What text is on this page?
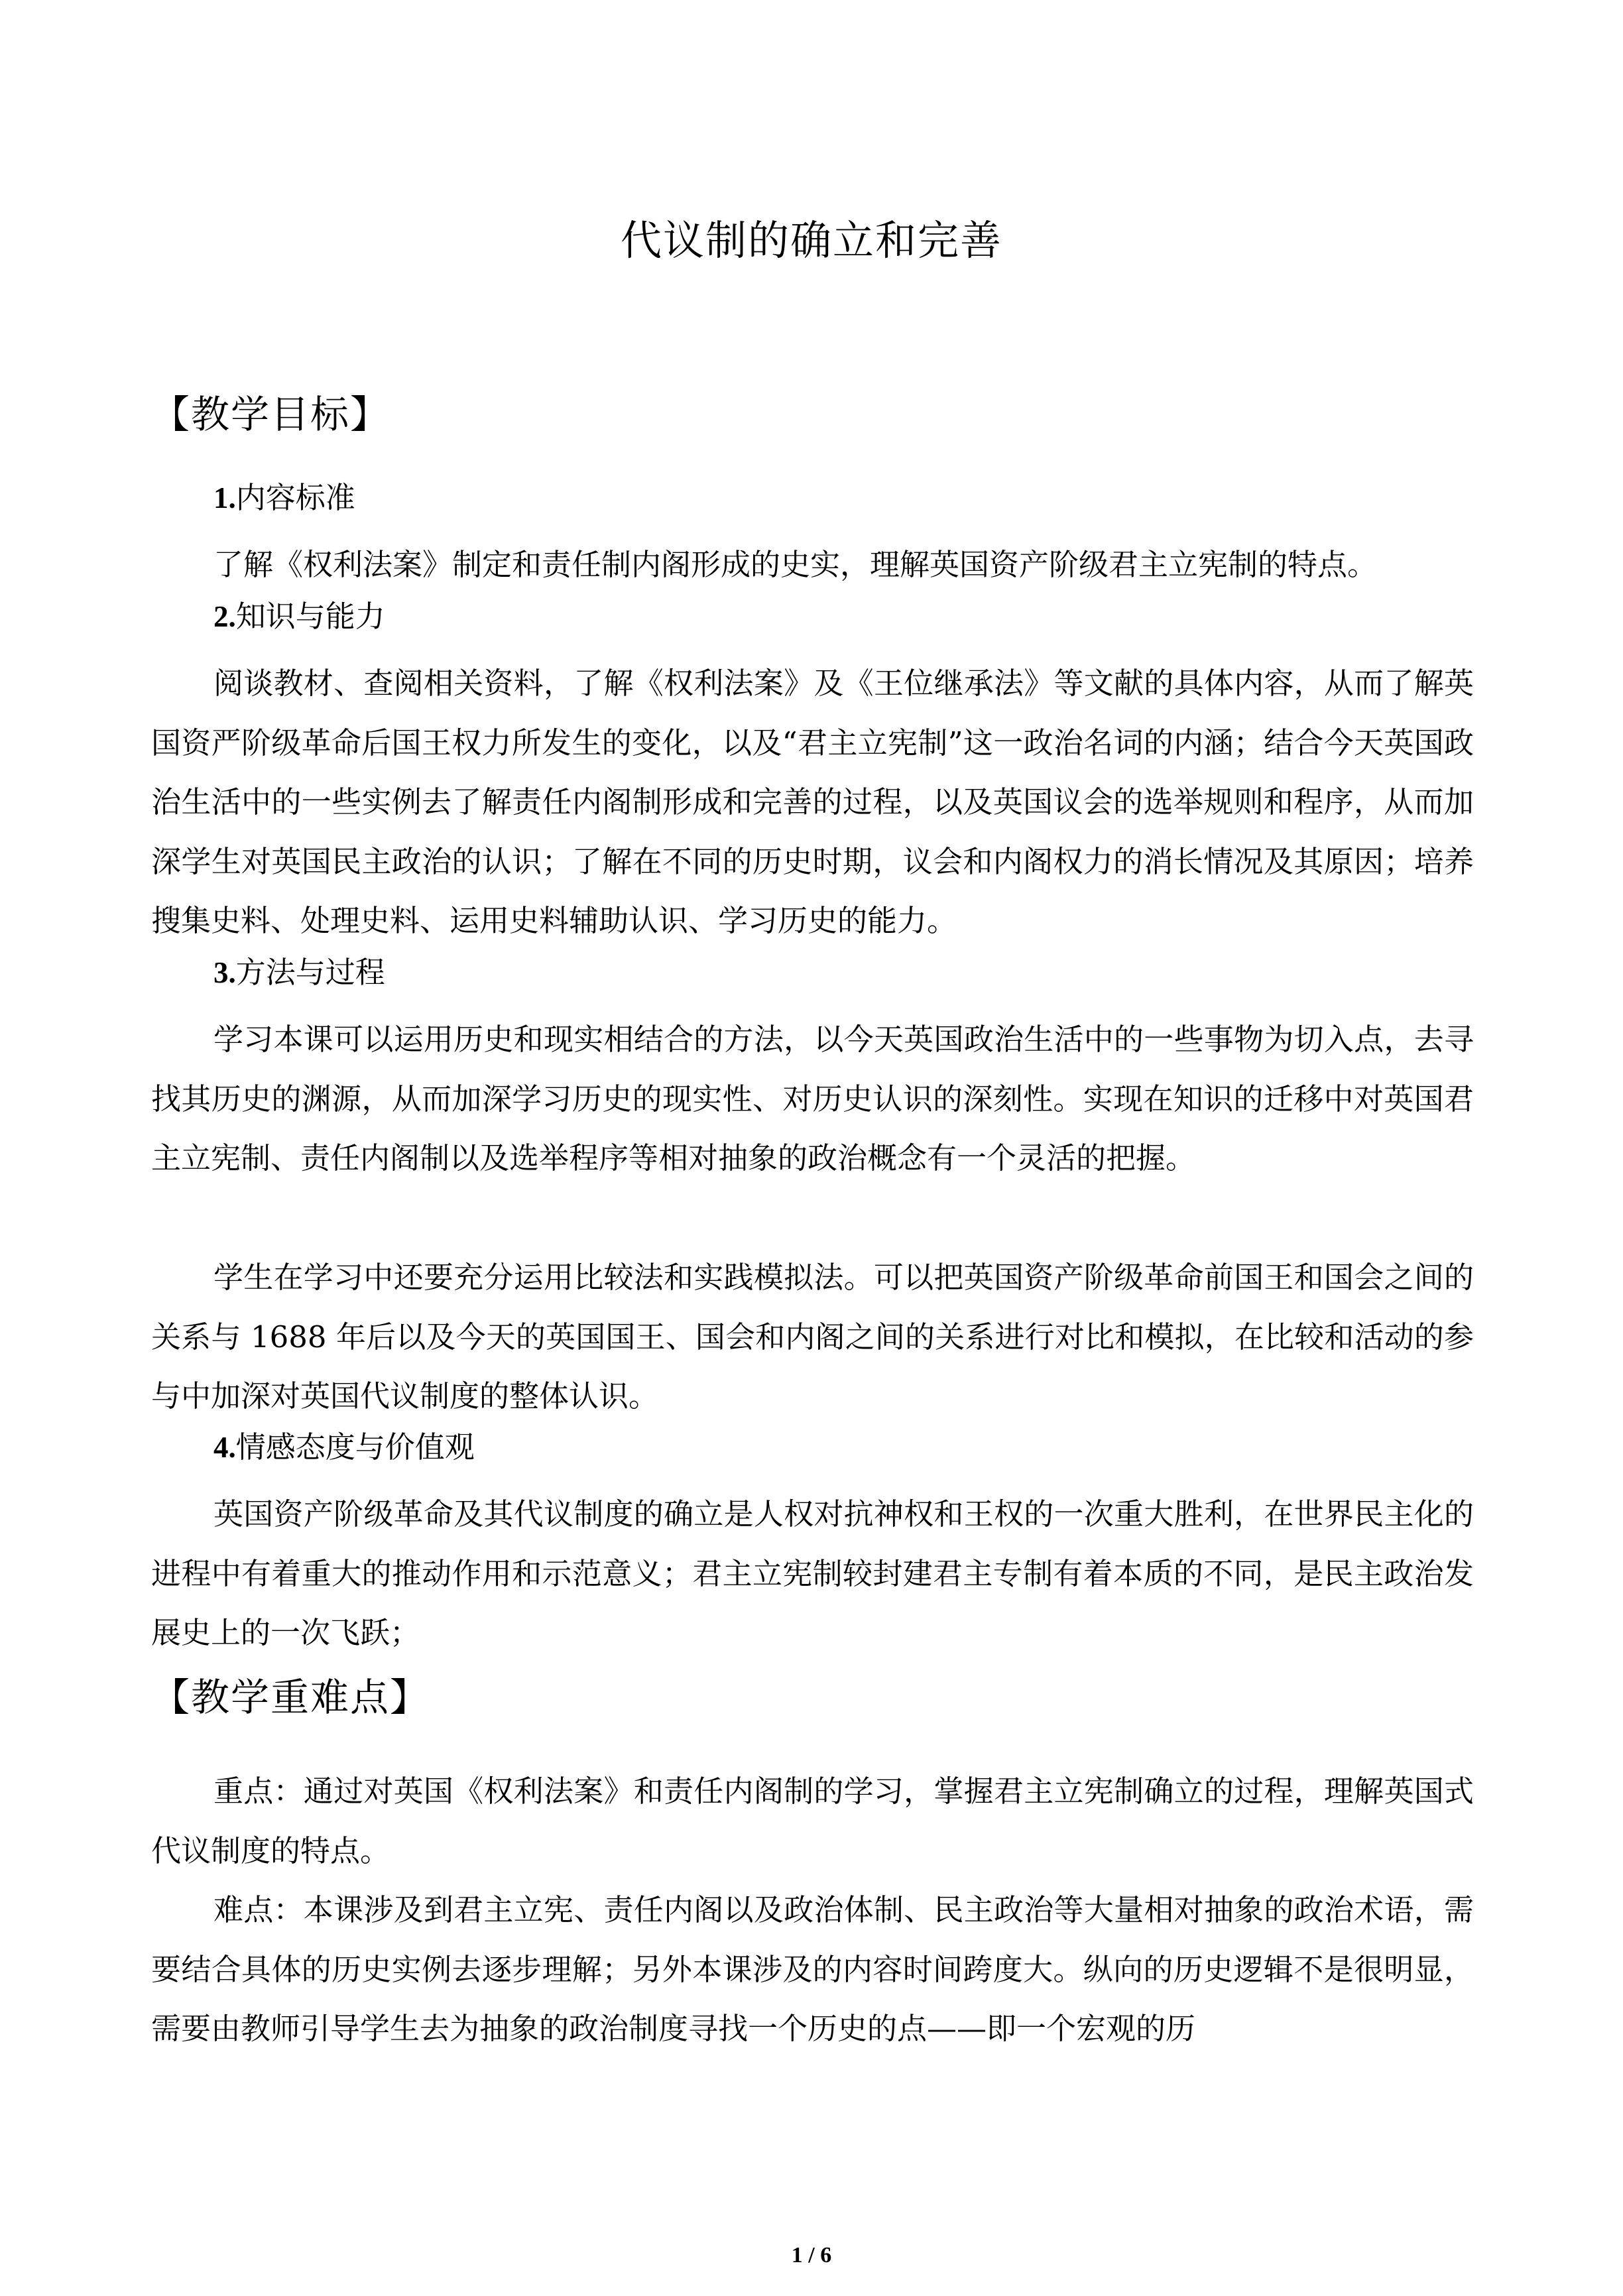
代议制的确立和完善
【教学目标】
1.内容标准
了解《权利法案》制定和责任制内阁形成的史实，理解英国资产阶级君主立宪制的特点。
2.知识与能力
阅谈教材、查阅相关资料，了解《权利法案》及《王位继承法》等文献的具体内容，从而了解英国资严阶级革命后国王权力所发生的变化，以及“君主立宪制”这一政治名词的内涵；结合今天英国政治生活中的一些实例去了解责任内阁制形成和完善的过程，以及英国议会的选举规则和程序，从而加深学生对英国民主政治的认识；了解在不同的历史时期，议会和内阁权力的消长情况及其原因；培养搜集史料、处理史料、运用史料辅助认识、学习历史的能力。
3.方法与过程
学习本课可以运用历史和现实相结合的方法，以今天英国政治生活中的一些事物为切入点，去寻找其历史的渊源，从而加深学习历史的现实性、对历史认识的深刻性。实现在知识的迁移中对英国君主立宪制、责任内阁制以及选举程序等相对抽象的政治概念有一个灵活的把握。
学生在学习中还要充分运用比较法和实践模拟法。可以把英国资产阶级革命前国王和国会之间的关系与 1688 年后以及今天的英国国王、国会和内阁之间的关系进行对比和模拟，在比较和活动的参与中加深对英国代议制度的整体认识。
4.情感态度与价值观
英国资产阶级革命及其代议制度的确立是人权对抗神权和王权的一次重大胜利，在世界民主化的进程中有着重大的推动作用和示范意义；君主立宪制较封建君主专制有着本质的不同，是民主政治发展史上的一次飞跃；
【教学重难点】
重点：通过对英国《权利法案》和责任内阁制的学习，掌握君主立宪制确立的过程，理解英国式代议制度的特点。
难点：本课涉及到君主立宪、责任内阁以及政治体制、民主政治等大量相对抽象的政治术语，需要结合具体的历史实例去逐步理解；另外本课涉及的内容时间跨度大。纵向的历史逻辑不是很明显，需要由教师引导学生去为抽象的政治制度寻找一个历史的点——即一个宏观的历
1 / 6
